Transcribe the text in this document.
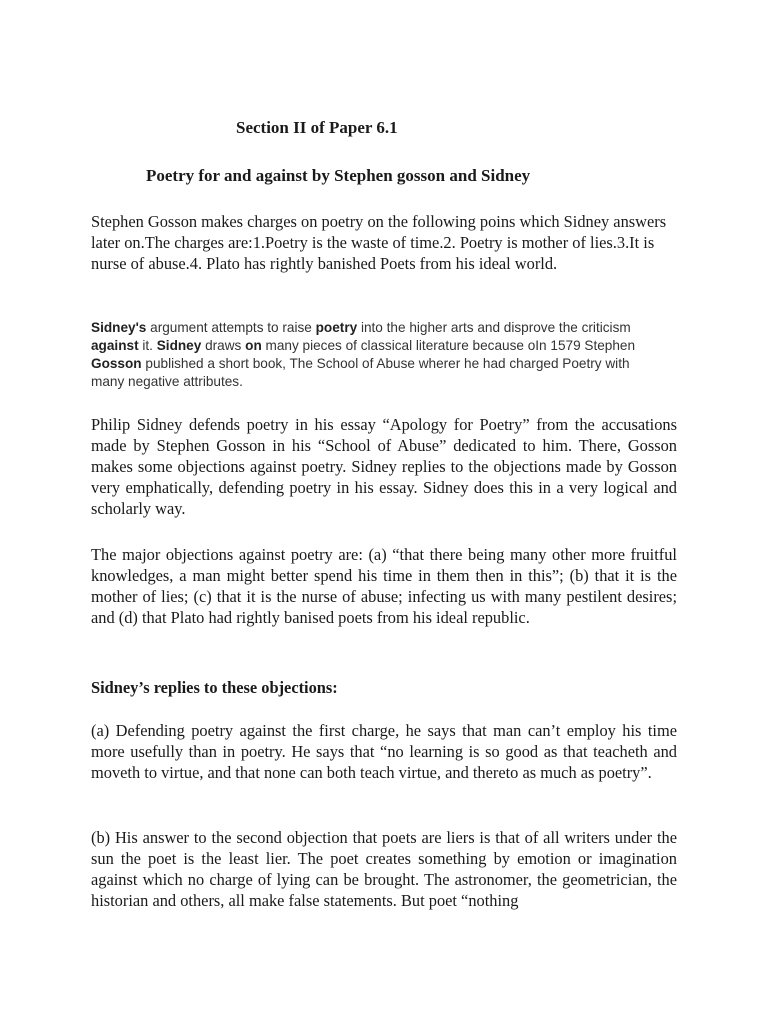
Section II of Paper 6.1
Poetry for and against by Stephen gosson and Sidney

Stephen Gosson makes charges on poetry on the following poins which Sidney answers later on.The charges are:1.Poetry is the waste of time.2. Poetry is mother of lies.3.It is nurse of abuse.4. Plato has rightly banished Poets from his ideal world.

Sidney's argument attempts to raise poetry into the higher arts and disprove the criticism against it. Sidney draws on many pieces of classical literature because oIn 1579 Stephen Gosson published a short book, The School of Abuse wherer he had charged Poetry with many negative attributes.

Philip Sidney defends poetry in his essay “Apology for Poetry” from the accusations made by Stephen Gosson in his “School of Abuse” dedicated to him. There, Gosson makes some objections against poetry. Sidney replies to the objections made by Gosson very emphatically, defending poetry in his essay. Sidney does this in a very logical and scholarly way.

The major objections against poetry are: (a) “that there being many other more fruitful knowledges, a man might better spend his time in them then in this”; (b) that it is the mother of lies; (c) that it is the nurse of abuse; infecting us with many pestilent desires; and (d) that Plato had rightly banised poets from his ideal republic.

Sidney’s replies to these objections:

(a) Defending poetry against the first charge, he says that man can’t employ his time more usefully than in poetry. He says that “no learning is so good as that teacheth and moveth to virtue, and that none can both teach virtue, and thereto as much as poetry”.

(b) His answer to the second objection that poets are liers is that of all writers under the sun the poet is the least lier. The poet creates something by emotion or imagination against which no charge of lying can be brought. The astronomer, the geometrician, the historian and others, all make false statements. But poet “nothing
